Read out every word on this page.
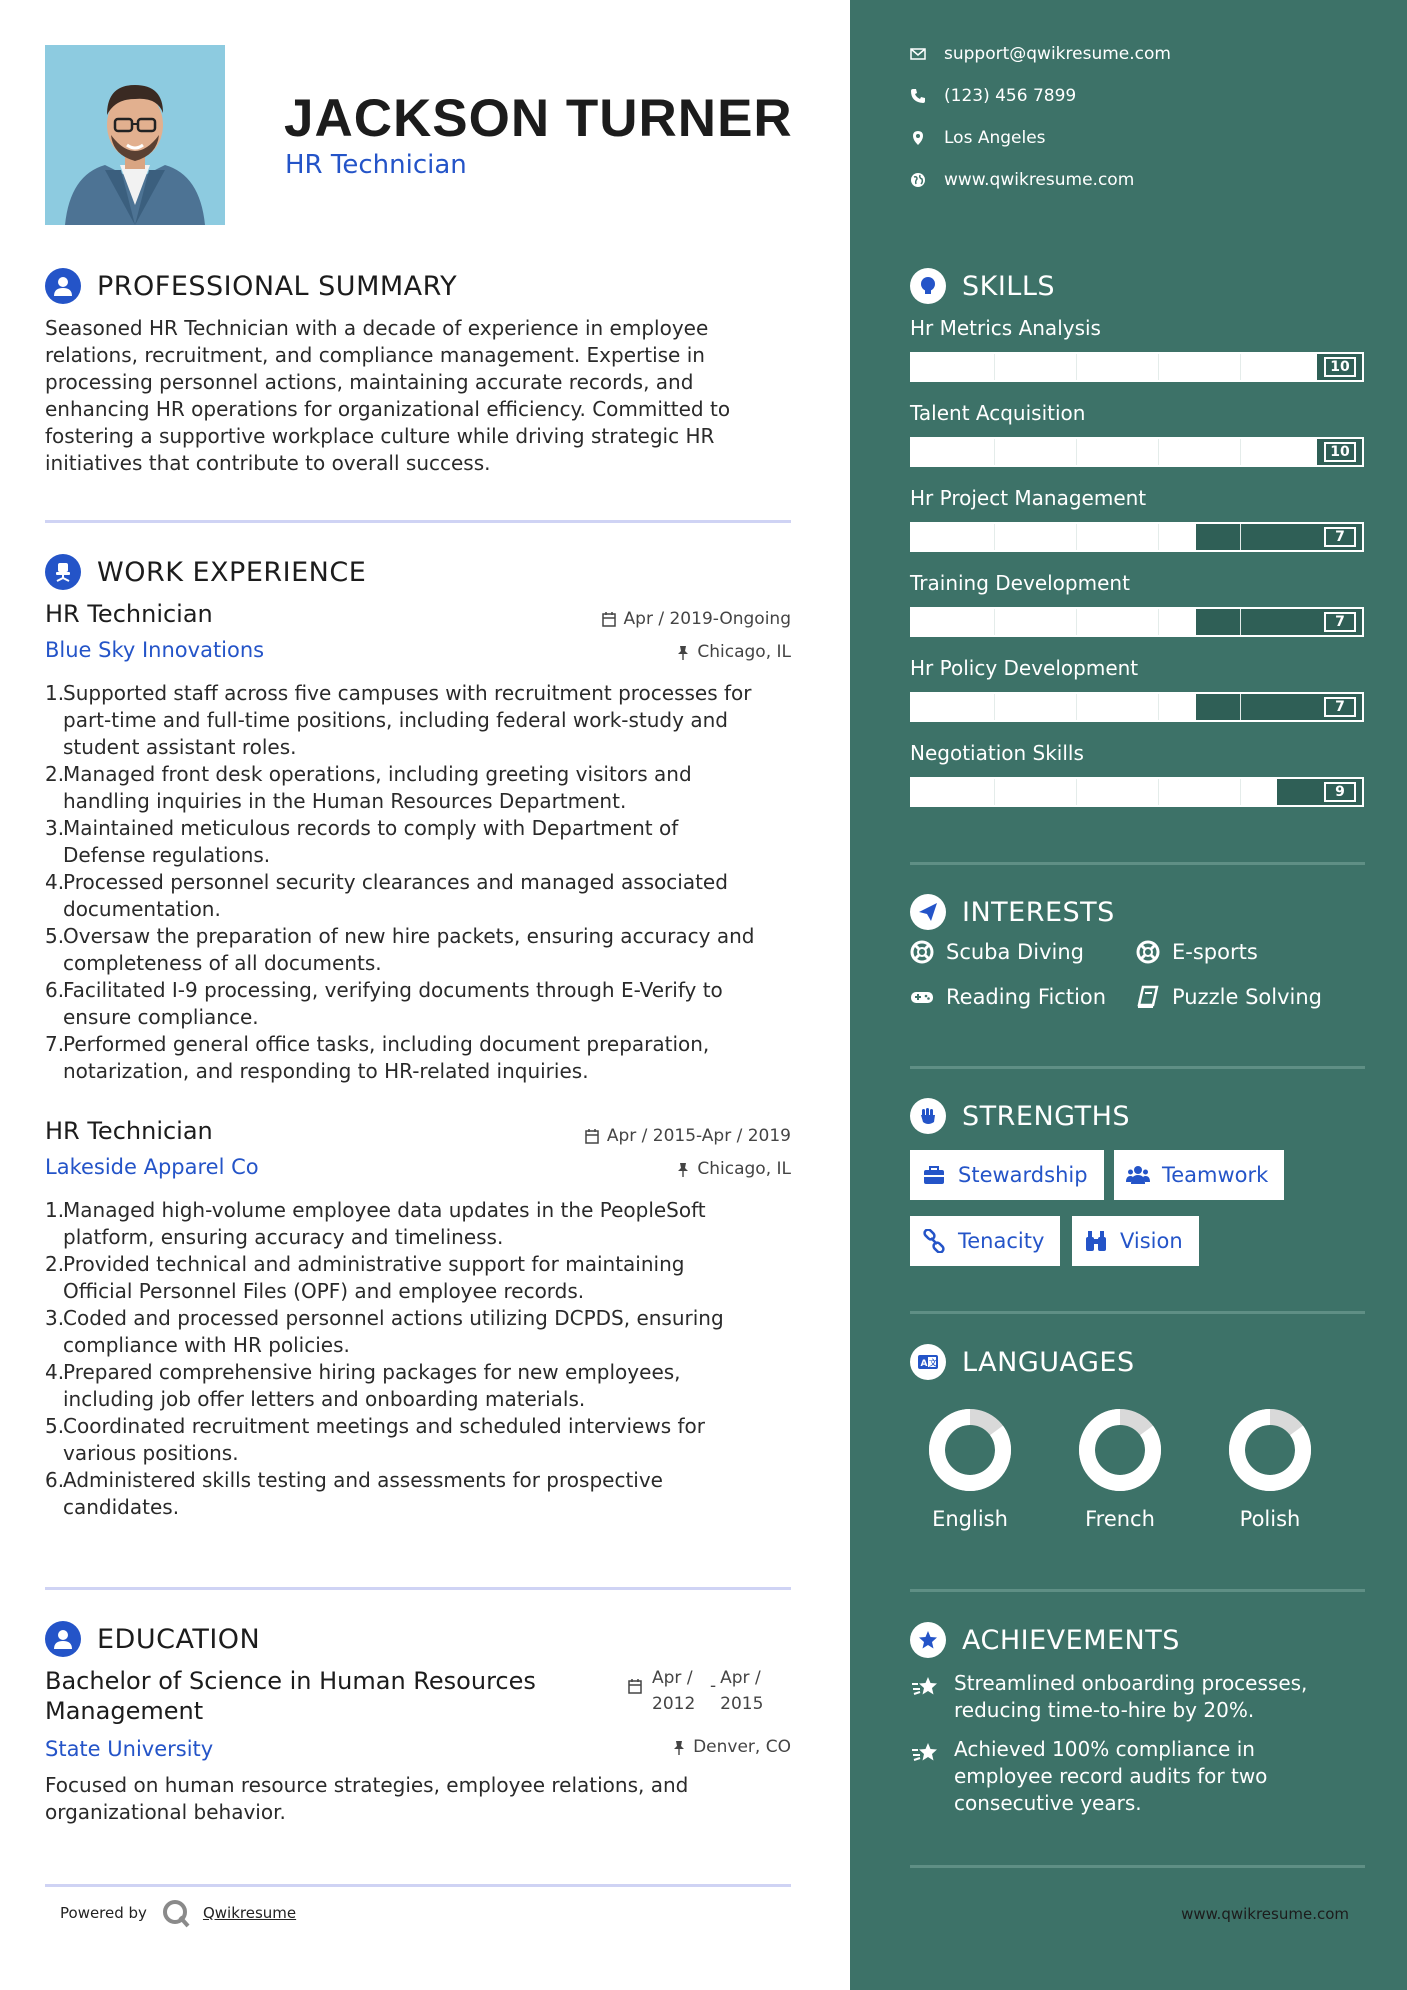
JACKSON TURNER
HR Technician
PROFESSIONAL SUMMARY
Seasoned HR Technician with a decade of experience in employee
relations, recruitment, and compliance management. Expertise in
processing personnel actions, maintaining accurate records, and
enhancing HR operations for organizational efficiency. Committed to
fostering a supportive workplace culture while driving strategic HR
initiatives that contribute to overall success.
WORK EXPERIENCE
HR Technician	Apr / 2019-Ongoing
Blue Sky Innovations	Chicago, IL
1.
Supported staff across five campuses with recruitment processes for
part-time and full-time positions, including federal work-study and
student assistant roles.
2.
Managed front desk operations, including greeting visitors and
handling inquiries in the Human Resources Department.
3.
Maintained meticulous records to comply with Department of
Defense regulations.
4.
Processed personnel security clearances and managed associated
documentation.
5.
Oversaw the preparation of new hire packets, ensuring accuracy and
completeness of all documents.
6.
Facilitated I-9 processing, verifying documents through E-Verify to
ensure compliance.
7.
Performed general office tasks, including document preparation,
notarization, and responding to HR-related inquiries.
HR Technician	Apr / 2015-Apr / 2019
Lakeside Apparel Co	Chicago, IL
1.
Managed high-volume employee data updates in the PeopleSoft
platform, ensuring accuracy and timeliness.
2.
Provided technical and administrative support for maintaining
Official Personnel Files (OPF) and employee records.
3.
Coded and processed personnel actions utilizing DCPDS, ensuring
compliance with HR policies.
4.
Prepared comprehensive hiring packages for new employees,
including job offer letters and onboarding materials.
5.
Coordinated recruitment meetings and scheduled interviews for
various positions.
6.
Administered skills testing and assessments for prospective
candidates.
EDUCATION
Bachelor of Science in Human Resources
Management
Apr /
2012
- Apr /
2015
State University	Denver, CO
Focused on human resource strategies, employee relations, and
organizational behavior.
Powered by	Qwikresume
support@qwikresume.com
(123) 456 7899
Los Angeles
www.qwikresume.com
SKILLS
Hr Metrics Analysis
10
Talent Acquisition
10
Hr Project Management
7
Training Development
7
Hr Policy Development
7
Negotiation Skills
9
INTERESTS
Scuba Diving	E-sports
Reading Fiction	Puzzle Solving
STRENGTHS
Stewardship	Teamwork
Tenacity	Vision
A 文 LANGUAGES
English	French	Polish
ACHIEVEMENTS
Streamlined onboarding processes,
reducing time-to-hire by 20%.
Achieved 100% compliance in
employee record audits for two
consecutive years.
www.qwikresume.com
